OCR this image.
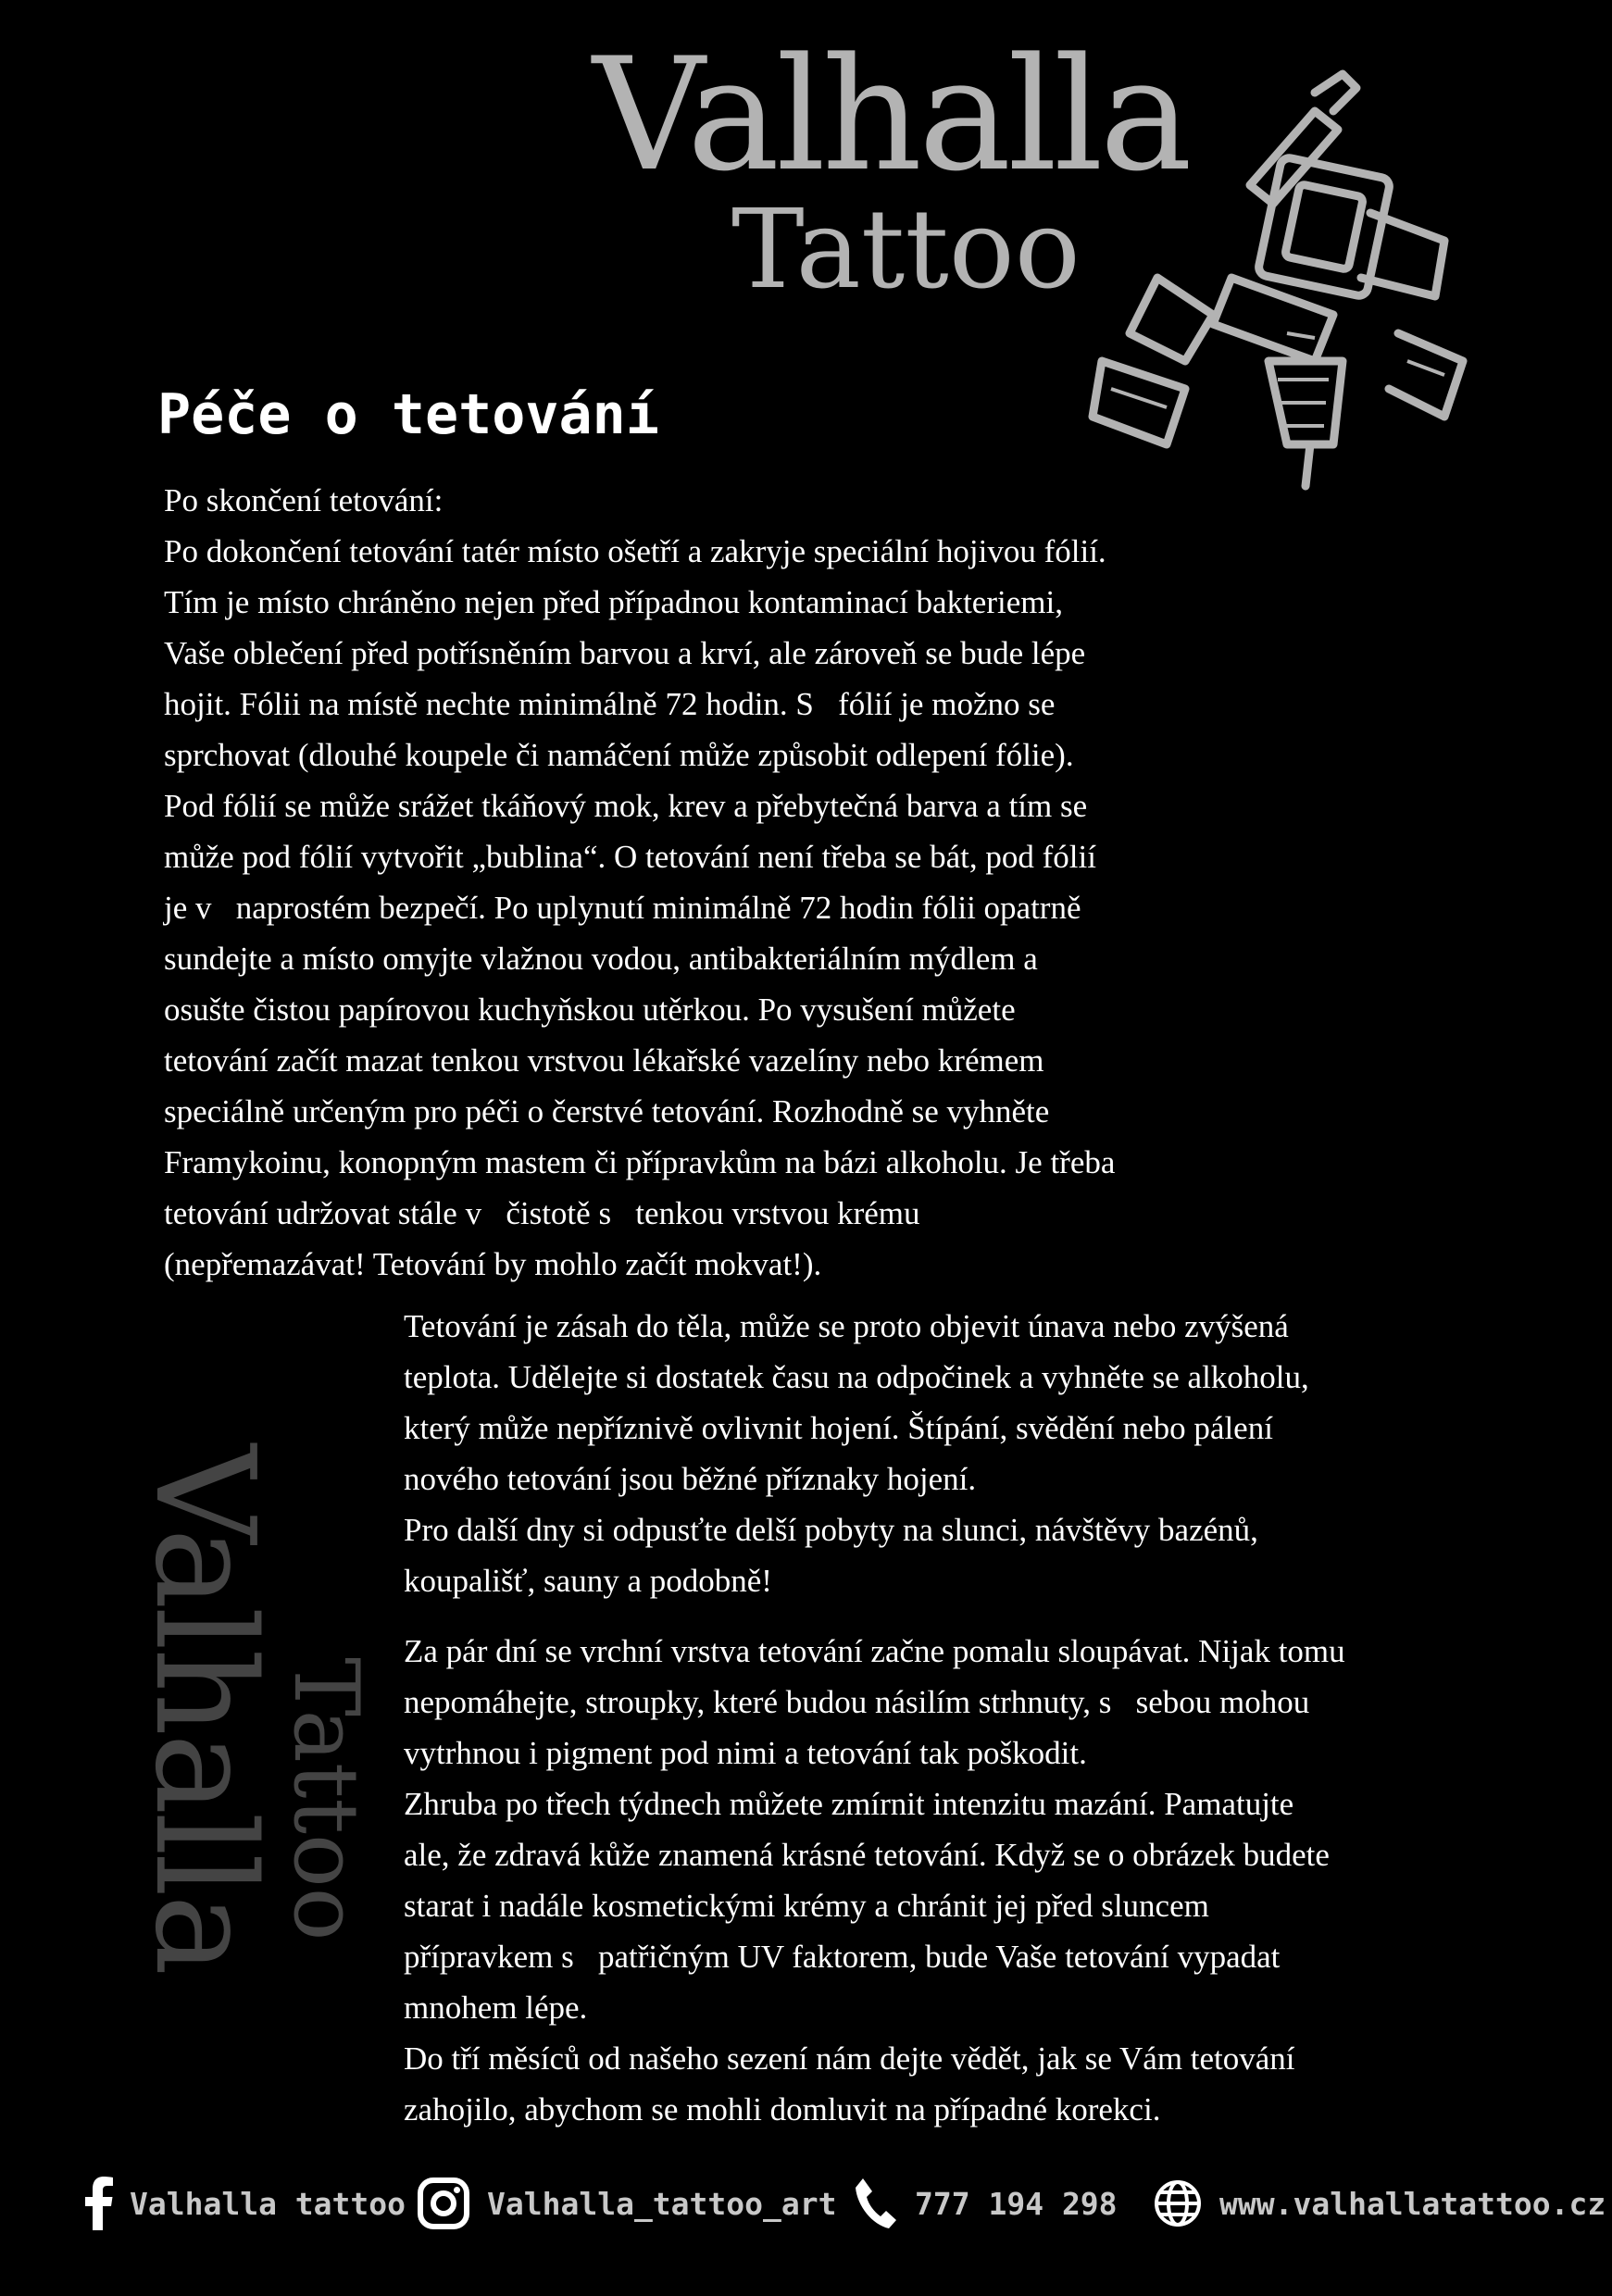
Valhalla
Tattoo
Valhalla
Tattoo
Péče o tetování
Po skončení tetování:
Po dokončení tetování tatér místo ošetří a zakryje speciální hojivou fólií.
Tím je místo chráněno nejen před případnou kontaminací bakteriemi,
Vaše oblečení před potřísněním barvou a krví, ale zároveň se bude lépe
hojit. Fólii na místě nechte minimálně 72 hodin. S   fólií je možno se
sprchovat (dlouhé koupele či namáčení může způsobit odlepení fólie).
Pod fólií se může srážet tkáňový mok, krev a přebytečná barva a tím se
může pod fólií vytvořit „bublina“. O tetování není třeba se bát, pod fólií
je v   naprostém bezpečí. Po uplynutí minimálně 72 hodin fólii opatrně
sundejte a místo omyjte vlažnou vodou, antibakteriálním mýdlem a
osušte čistou papírovou kuchyňskou utěrkou. Po vysušení můžete
tetování začít mazat tenkou vrstvou lékařské vazelíny nebo krémem
speciálně určeným pro péči o čerstvé tetování. Rozhodně se vyhněte
Framykoinu, konopným mastem či přípravkům na bázi alkoholu. Je třeba
tetování udržovat stále v   čistotě s   tenkou vrstvou krému
(nepřemazávat! Tetování by mohlo začít mokvat!).
Tetování je zásah do těla, může se proto objevit únava nebo zvýšená
teplota. Udělejte si dostatek času na odpočinek a vyhněte se alkoholu,
který může nepříznivě ovlivnit hojení. Štípání, svědění nebo pálení
nového tetování jsou běžné příznaky hojení.
Pro další dny si odpusťte delší pobyty na slunci, návštěvy bazénů,
koupališť, sauny a podobně!
Za pár dní se vrchní vrstva tetování začne pomalu sloupávat. Nijak tomu
nepomáhejte, stroupky, které budou násilím strhnuty, s   sebou mohou
vytrhnou i pigment pod nimi a tetování tak poškodit.
Zhruba po třech týdnech můžete zmírnit intenzitu mazání. Pamatujte
ale, že zdravá kůže znamená krásné tetování. Když se o obrázek budete
starat i nadále kosmetickými krémy a chránit jej před sluncem
přípravkem s   patřičným UV faktorem, bude Vaše tetování vypadat
mnohem lépe.
Do tří měsíců od našeho sezení nám dejte vědět, jak se Vám tetování
zahojilo, abychom se mohli domluvit na případné korekci.
Valhalla tattoo	Valhalla_tattoo_art	777 194 298	www.valhallatattoo.cz
